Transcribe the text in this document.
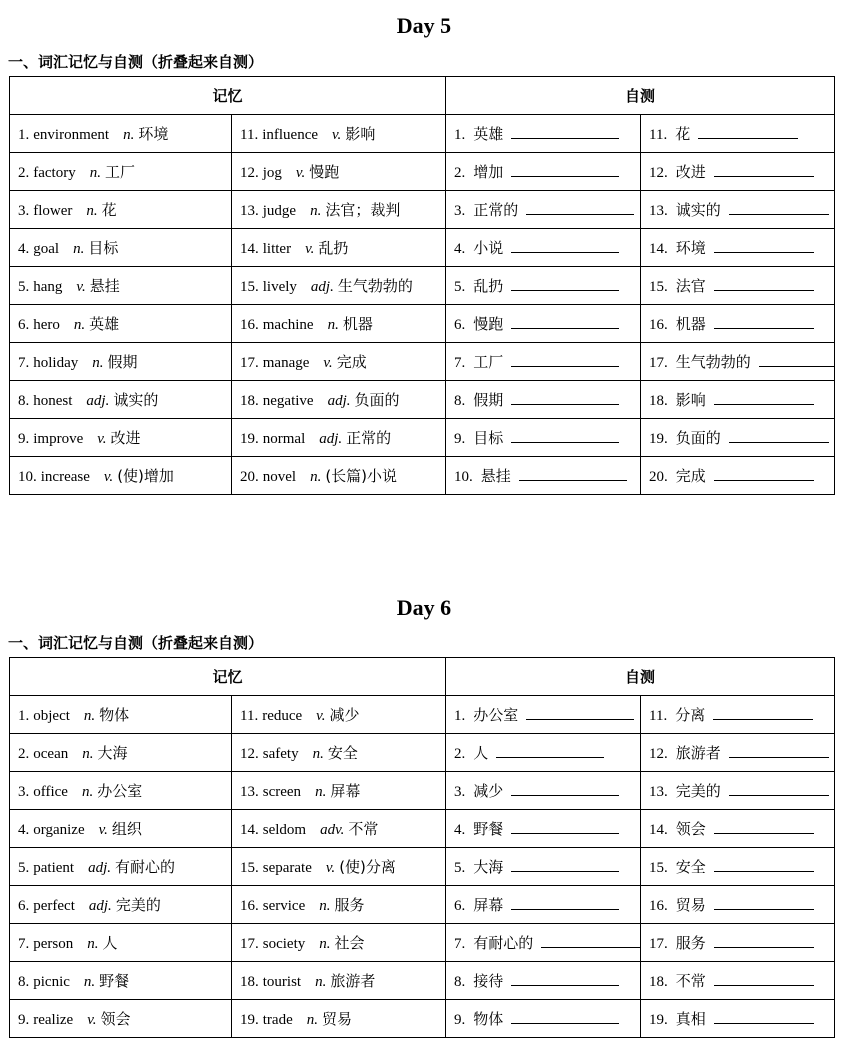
Day 5
一、词汇记忆与自测（折叠起来自测）
记忆		自测	
1. environment n. 环境	11. influence v. 影响	1. 英雄	11. 花
2. factory n. 工厂	12. jog v. 慢跑	2. 增加	12. 改进
3. flower n. 花	13. judge n. 法官；裁判	3. 正常的	13. 诚实的
4. goal n. 目标	14. litter v. 乱扔	4. 小说	14. 环境
5. hang v. 悬挂	15. lively adj. 生气勃勃的	5. 乱扔	15. 法官
6. hero n. 英雄	16. machine n. 机器	6. 慢跑	16. 机器
7. holiday n. 假期	17. manage v. 完成	7. 工厂	17. 生气勃勃的
8. honest adj. 诚实的	18. negative adj. 负面的	8. 假期	18. 影响
9. improve v. 改进	19. normal adj. 正常的	9. 目标	19. 负面的
10. increase v. (使)增加	20. novel n. (长篇)小说	10. 悬挂	20. 完成
Day 6
一、词汇记忆与自测（折叠起来自测）
记忆		自测	
1. object n. 物体	11. reduce v. 减少	1. 办公室	11. 分离
2. ocean n. 大海	12. safety n. 安全	2. 人	12. 旅游者
3. office n. 办公室	13. screen n. 屏幕	3. 减少	13. 完美的
4. organize v. 组织	14. seldom adv. 不常	4. 野餐	14. 领会
5. patient adj. 有耐心的	15. separate v. (使)分离	5. 大海	15. 安全
6. perfect adj. 完美的	16. service n. 服务	6. 屏幕	16. 贸易
7. person n. 人	17. society n. 社会	7. 有耐心的	17. 服务
8. picnic n. 野餐	18. tourist n. 旅游者	8. 接待	18. 不常
9. realize v. 领会	19. trade n. 贸易	9. 物体	19. 真相
